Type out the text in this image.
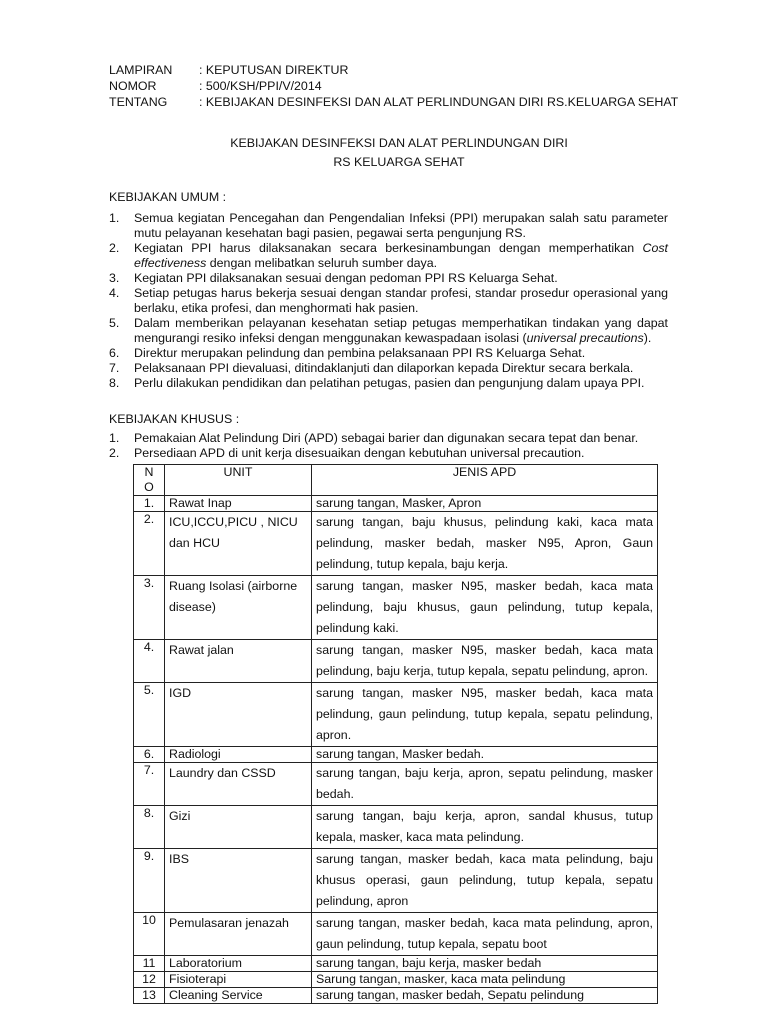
LAMPIRAN	: KEPUTUSAN DIREKTUR
NOMOR	: 500/KSH/PPI/V/2014
TENTANG	: KEBIJAKAN DESINFEKSI DAN ALAT PERLINDUNGAN DIRI RS.KELUARGA SEHAT
KEBIJAKAN DESINFEKSI DAN ALAT PERLINDUNGAN DIRI
RS KELUARGA SEHAT
KEBIJAKAN UMUM :
1. Semua kegiatan Pencegahan dan Pengendalian Infeksi (PPI) merupakan salah satu parameter mutu pelayanan kesehatan bagi pasien, pegawai serta pengunjung RS.
2. Kegiatan PPI harus dilaksanakan secara berkesinambungan dengan memperhatikan Cost effectiveness dengan melibatkan seluruh sumber daya.
3. Kegiatan PPI dilaksanakan sesuai dengan pedoman PPI RS Keluarga Sehat.
4. Setiap petugas harus bekerja sesuai dengan standar profesi, standar prosedur operasional yang berlaku, etika profesi, dan menghormati hak pasien.
5. Dalam memberikan pelayanan kesehatan setiap petugas memperhatikan tindakan yang dapat mengurangi resiko infeksi dengan menggunakan kewaspadaan isolasi (universal precautions).
6. Direktur merupakan pelindung dan pembina pelaksanaan PPI RS Keluarga Sehat.
7. Pelaksanaan PPI dievaluasi, ditindaklanjuti dan dilaporkan kepada Direktur secara berkala.
8. Perlu dilakukan pendidikan dan pelatihan petugas, pasien dan pengunjung dalam upaya PPI.
KEBIJAKAN KHUSUS :
1. Pemakaian Alat Pelindung Diri (APD) sebagai barier dan digunakan secara tepat dan benar.
2. Persediaan APD di unit kerja disesuaikan dengan kebutuhan universal precaution.
N O	UNIT	JENIS APD
1.	Rawat Inap	sarung tangan, Masker, Apron
2.	ICU,ICCU,PICU , NICU dan HCU	sarung tangan, baju khusus, pelindung kaki, kaca mata pelindung, masker bedah, masker N95, Apron, Gaun pelindung, tutup kepala, baju kerja.
3.	Ruang Isolasi (airborne disease)	sarung tangan, masker N95, masker bedah, kaca mata pelindung, baju khusus, gaun pelindung, tutup kepala, pelindung kaki.
4.	Rawat jalan	sarung tangan, masker N95, masker bedah, kaca mata pelindung, baju kerja, tutup kepala, sepatu pelindung, apron.
5.	IGD	sarung tangan, masker N95, masker bedah, kaca mata pelindung, gaun pelindung, tutup kepala, sepatu pelindung, apron.
6.	Radiologi	sarung tangan, Masker bedah.
7.	Laundry dan CSSD	sarung tangan, baju kerja, apron, sepatu pelindung, masker bedah.
8.	Gizi	sarung tangan, baju kerja, apron, sandal khusus, tutup kepala, masker, kaca mata pelindung.
9.	IBS	sarung tangan, masker bedah, kaca mata pelindung, baju khusus operasi, gaun pelindung, tutup kepala, sepatu pelindung, apron
10	Pemulasaran jenazah	sarung tangan, masker bedah, kaca mata pelindung, apron, gaun pelindung, tutup kepala, sepatu boot
11	Laboratorium	sarung tangan, baju kerja, masker bedah
12	Fisioterapi	Sarung tangan, masker, kaca mata pelindung
13	Cleaning Service	sarung tangan, masker bedah, Sepatu pelindung
